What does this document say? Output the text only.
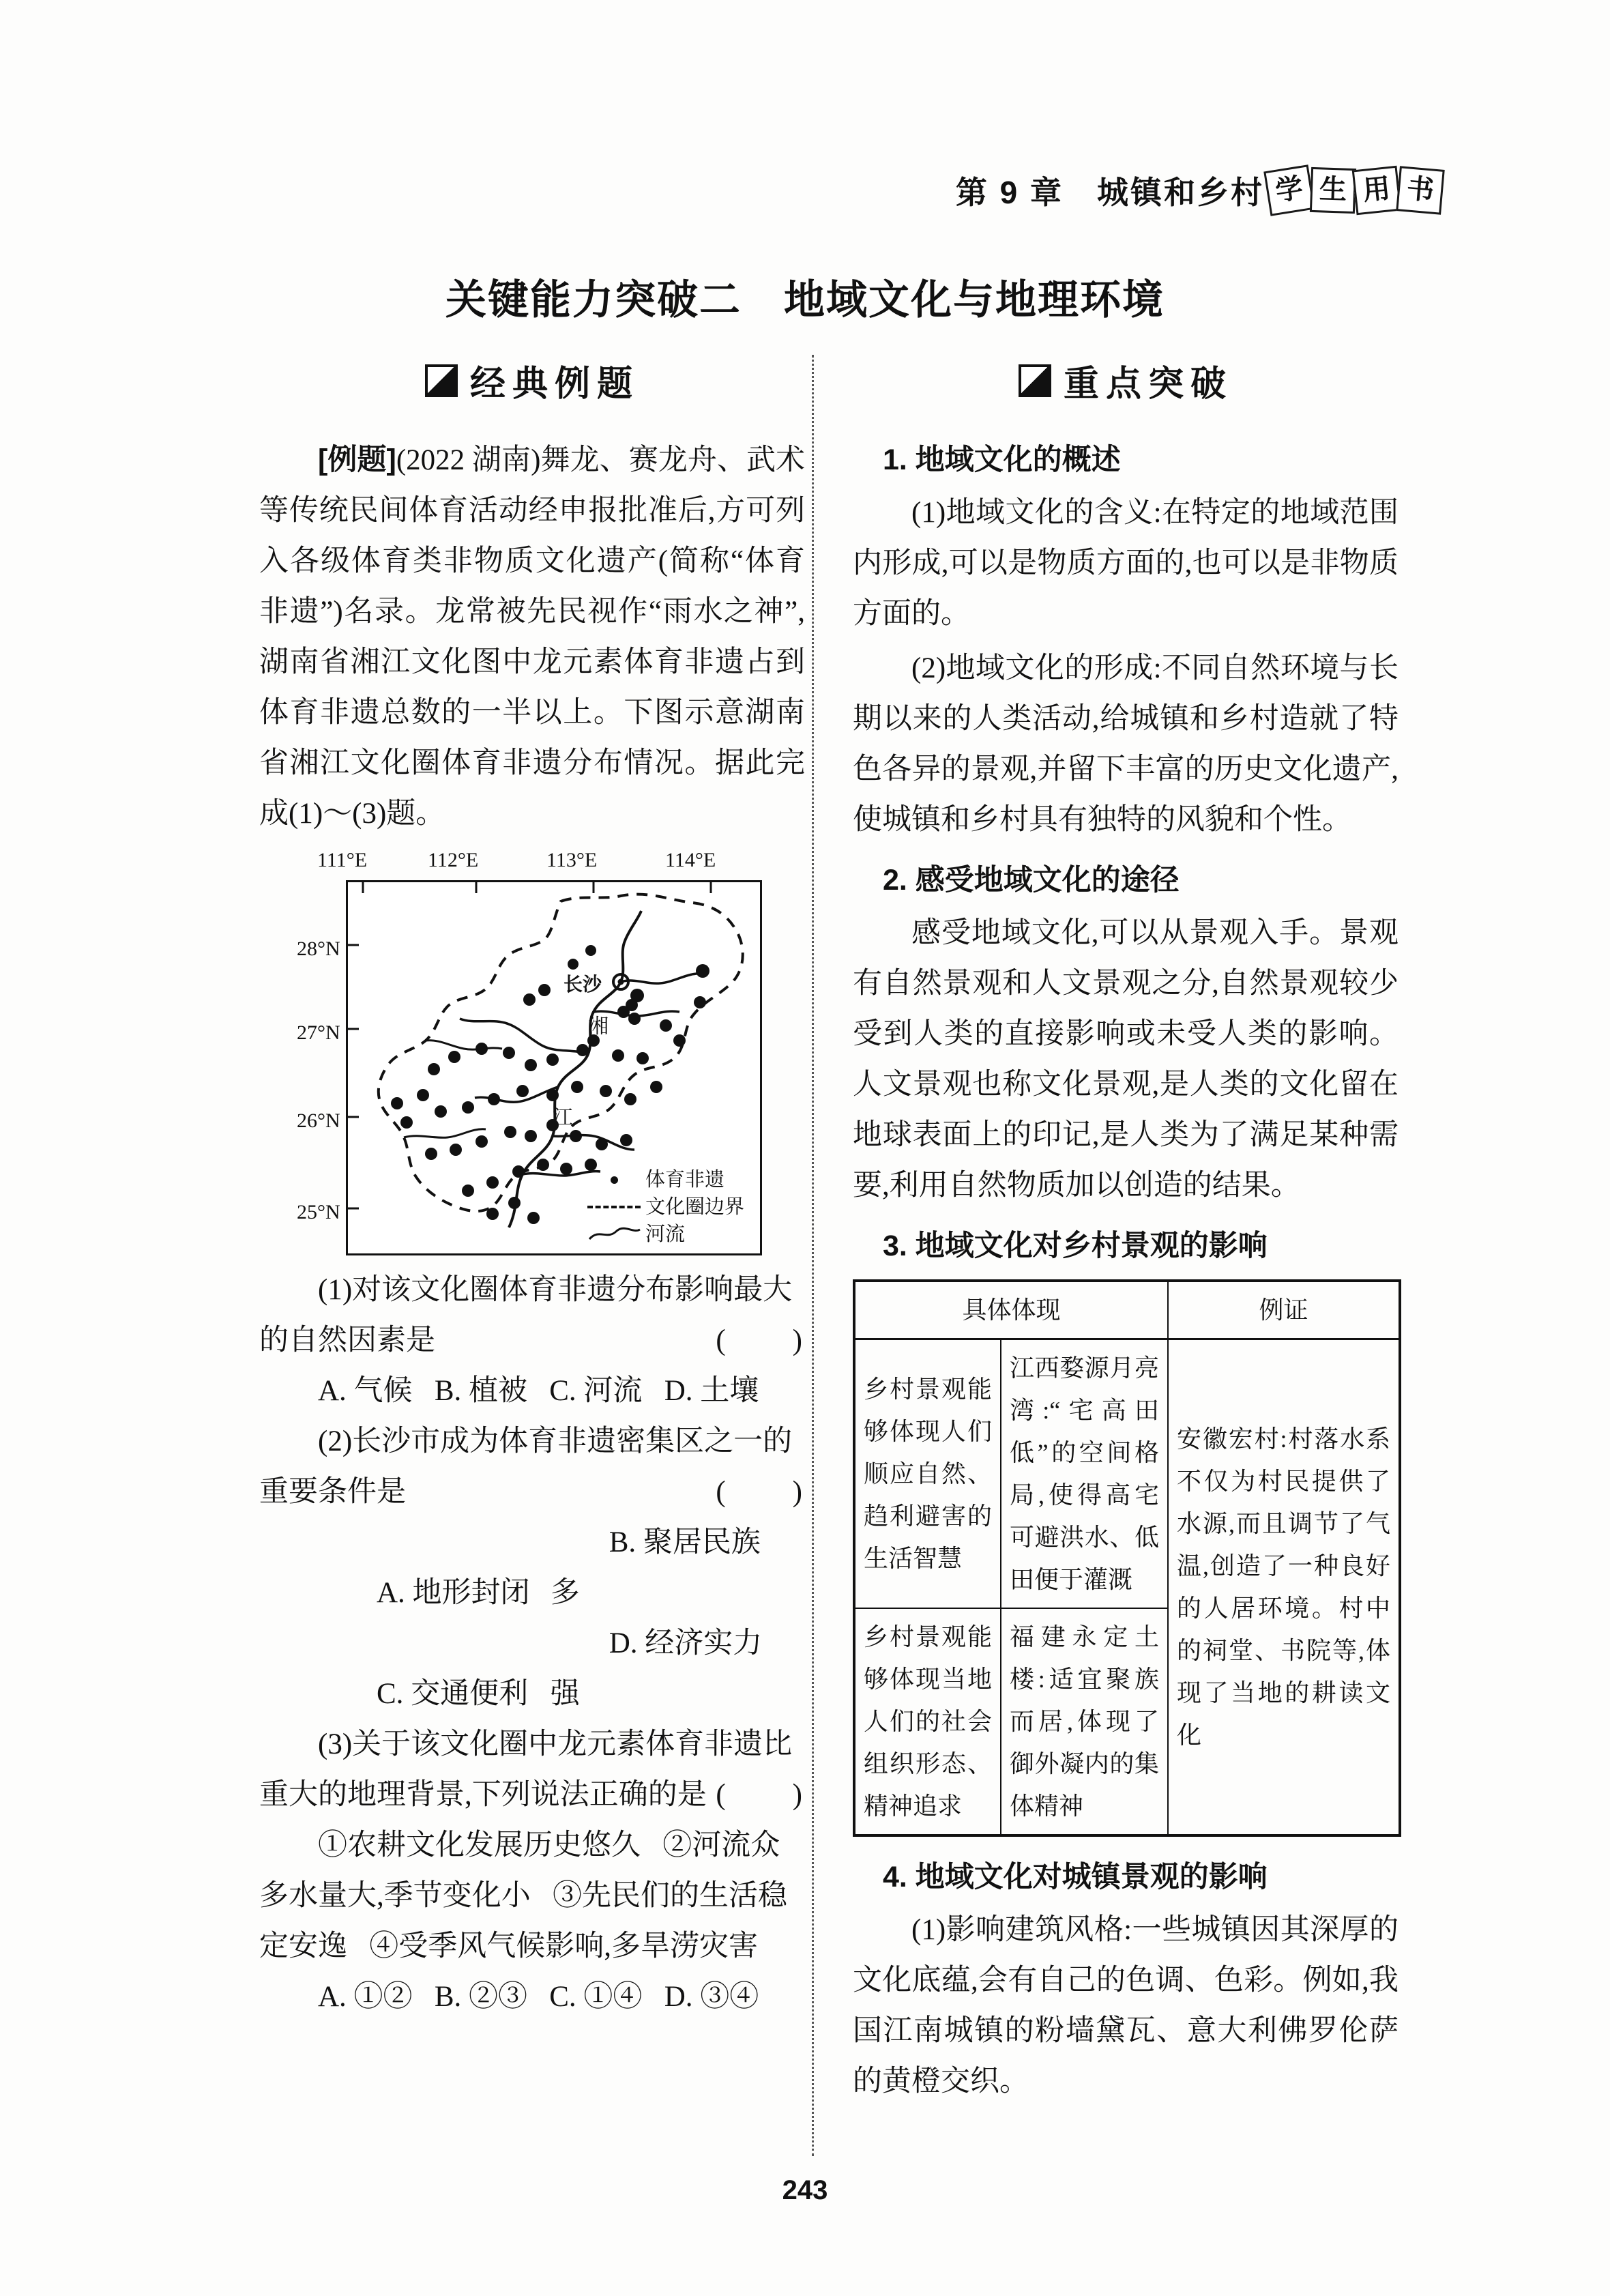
第 9 章　城镇和乡村 学 生 用 书
关键能力突破二　地域文化与地理环境
经典例题

[例题](2022 湖南)舞龙、赛龙舟、武术等传统民间体育活动经申报批准后,方可列入各级体育类非物质文化遗产(简称“体育非遗”)名录。龙常被先民视作“雨水之神”,湖南省湘江文化图中龙元素体育非遗占到体育非遗总数的一半以上。下图示意湖南省湘江文化圈体育非遗分布情况。据此完成(1)～(3)题。

111°E	112°E	113°E	114°E
28°N
27°N
26°N
25°N
长沙
湘
江
体育非遗
文化圈边界
河流

(1)对该文化圈体育非遗分布影响最大的自然因素是	(　　)

A. 气候 B. 植被 C. 河流 D. 土壤

(2)长沙市成为体育非遗密集区之一的重要条件是	(　　)

A. 地形封闭 B. 聚居民族多

C. 交通便利 D. 经济实力强

(3)关于该文化圈中龙元素体育非遗比重大的地理背景,下列说法正确的是 (　　)

①农耕文化发展历史悠久 ②河流众多水量大,季节变化小 ③先民们的生活稳定安逸 ④受季风气候影响,多旱涝灾害

A. ①② B. ②③ C. ①④ D. ③④

重点突破
1. 地域文化的概述

(1)地域文化的含义:在特定的地域范围内形成,可以是物质方面的,也可以是非物质方面的。

(2)地域文化的形成:不同自然环境与长期以来的人类活动,给城镇和乡村造就了特色各异的景观,并留下丰富的历史文化遗产,使城镇和乡村具有独特的风貌和个性。

2. 感受地域文化的途径

感受地域文化,可以从景观入手。景观有自然景观和人文景观之分,自然景观较少受到人类的直接影响或未受人类的影响。人文景观也称文化景观,是人类的文化留在地球表面上的印记,是人类为了满足某种需要,利用自然物质加以创造的结果。

3. 地域文化对乡村景观的影响
具体体现		例证
乡村景观能够体现人们顺应自然、趋利避害的生活智慧	江西婺源月亮湾:“宅高田低”的空间格局,使得高宅可避洪水、低田便于灌溉	安徽宏村:村落水系不仅为村民提供了水源,而且调节了气温,创造了一种良好的人居环境。村中的祠堂、书院等,体现了当地的耕读文化
乡村景观能够体现当地人们的社会组织形态、精神追求	福建永定土楼:适宜聚族而居,体现了御外凝内的集体精神	
4. 地域文化对城镇景观的影响

(1)影响建筑风格:一些城镇因其深厚的文化底蕴,会有自己的色调、色彩。例如,我国江南城镇的粉墙黛瓦、意大利佛罗伦萨的黄橙交织。

243
